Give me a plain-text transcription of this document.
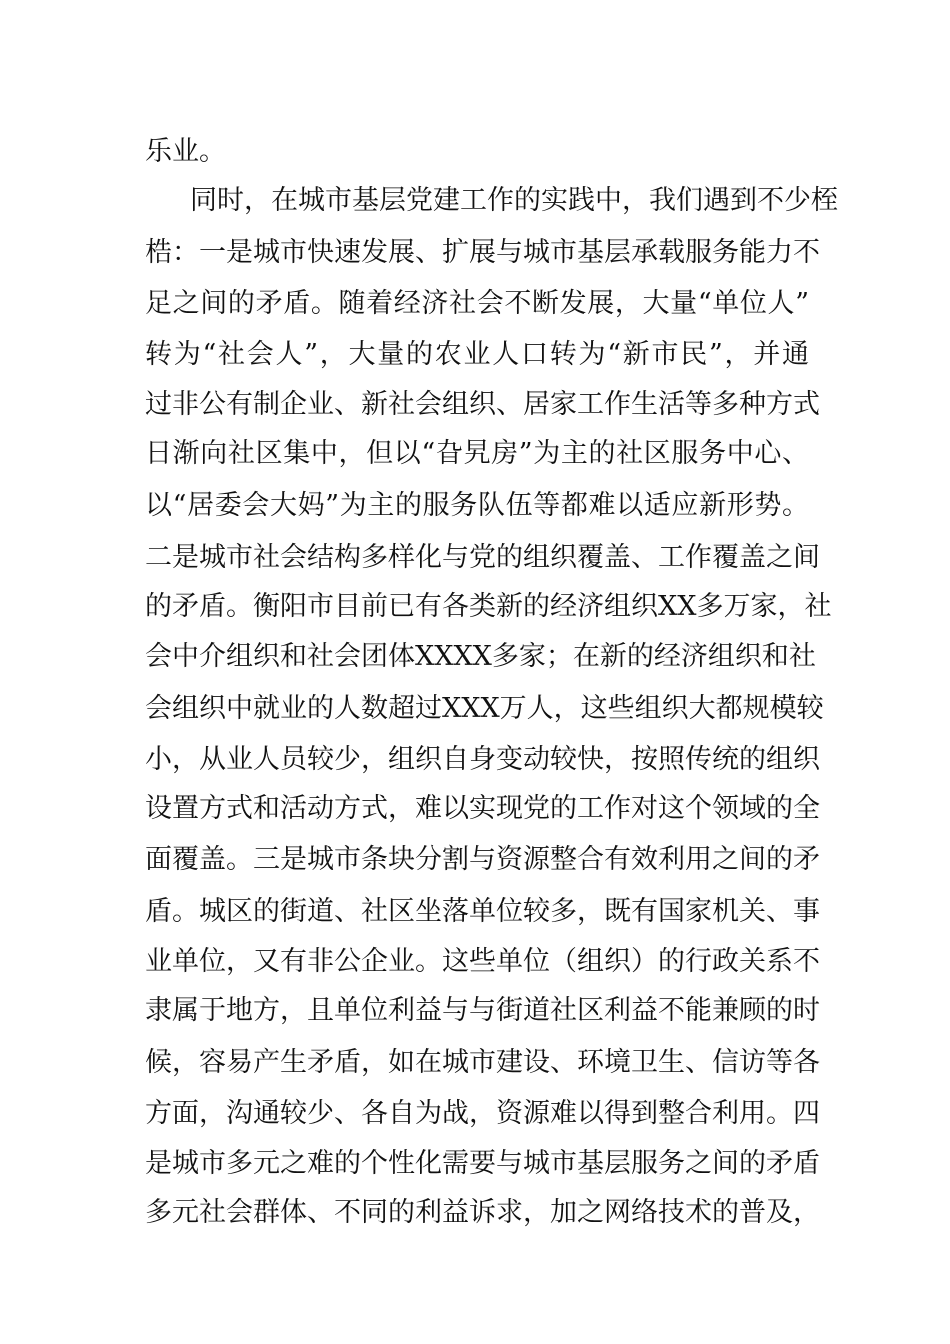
乐业。
同时，在城市基层党建工作的实践中，我们遇到不少桎
梏：一是城市快速发展、扩展与城市基层承载服务能力不
足之间的矛盾。随着经济社会不断发展，大量“单位人”
转为“社会人”，大量的农业人口转为“新市民”，并通
过非公有制企业、新社会组织、居家工作生活等多种方式
日渐向社区集中，但以“旮旯房”为主的社区服务中心、
以“居委会大妈”为主的服务队伍等都难以适应新形势。
二是城市社会结构多样化与党的组织覆盖、工作覆盖之间
的矛盾。衡阳市目前已有各类新的经济组织XX多万家，社
会中介组织和社会团体XXXX多家；在新的经济组织和社
会组织中就业的人数超过XXX万人，这些组织大都规模较
小，从业人员较少，组织自身变动较快，按照传统的组织
设置方式和活动方式，难以实现党的工作对这个领域的全
面覆盖。三是城市条块分割与资源整合有效利用之间的矛
盾。城区的街道、社区坐落单位较多，既有国家机关、事
业单位，又有非公企业。这些单位（组织）的行政关系不
隶属于地方，且单位利益与与街道社区利益不能兼顾的时
候，容易产生矛盾，如在城市建设、环境卫生、信访等各
方面，沟通较少、各自为战，资源难以得到整合利用。四
是城市多元之难的个性化需要与城市基层服务之间的矛盾
多元社会群体、不同的利益诉求，加之网络技术的普及，
